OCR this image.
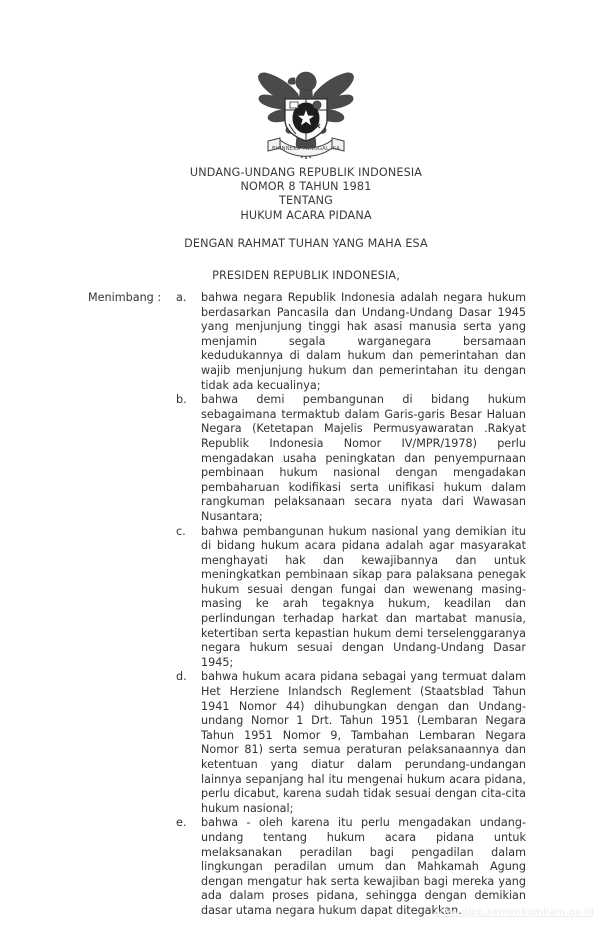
BHINNEKA TUNGGAL IKA
UNDANG-UNDANG REPUBLIK INDONESIA
NOMOR 8 TAHUN 1981
TENTANG
HUKUM ACARA PIDANA
DENGAN RAHMAT TUHAN YANG MAHA ESA
PRESIDEN REPUBLIK INDONESIA,
Menimbang :	a.	bahwa negara Republik Indonesia adalah negara hukum berdasarkan Pancasila dan Undang-Undang Dasar 1945 yang menjunjung tinggi hak asasi manusia serta yang menjamin segala warganegara bersamaan kedudukannya di dalam hukum dan pemerintahan dan wajib menjunjung hukum dan pemerintahan itu dengan tidak ada kecualinya;
b.	bahwa demi pembangunan di bidang hukum sebagaimana termaktub dalam Garis-garis Besar Haluan Negara (Ketetapan Majelis Permusyawaratan .Rakyat Republik Indonesia Nomor IV/MPR/1978) perlu mengadakan usaha peningkatan dan penyempurnaan pembinaan hukum nasional dengan mengadakan pembaharuan kodifikasi serta unifikasi hukum dalam rangkuman pelaksanaan secara nyata dari Wawasan Nusantara;
c.	bahwa pembangunan hukum nasional yang demikian itu di bidang hukum acara pidana adalah agar masyarakat menghayati hak dan kewajibannya dan untuk meningkatkan pembinaan sikap para palaksana penegak hukum sesuai dengan fungai dan wewenang masing-masing ke arah tegaknya hukum, keadilan dan perlindungan terhadap harkat dan martabat manusia, ketertiban serta kepastian hukum demi terselenggaranya negara hukum sesuai dengan Undang-Undang Dasar 1945;
d.	bahwa hukum acara pidana sebagai yang termuat dalam Het Herziene Inlandsch Reglement (Staatsblad Tahun 1941 Nomor 44) dihubungkan dengan dan Undang-undang Nomor 1 Drt. Tahun 1951 (Lembaran Negara Tahun 1951 Nomor 9, Tambahan Lembaran Negara Nomor 81) serta semua peraturan pelaksanaannya dan ketentuan yang diatur dalam perundang-undangan lainnya sepanjang hal itu mengenai hukum acara pidana, perlu dicabut, karena sudah tidak sesuai dengan cita-cita hukum nasional;
e.	bahwa - oleh karena itu perlu mengadakan undang-undang tentang hukum acara pidana untuk melaksanakan peradilan bagi pengadilan dalam lingkungan peradilan umum dan Mahkamah Agung dengan mengatur hak serta kewajiban bagi mereka yang ada dalam proses pidana, sehingga dengan demikian dasar utama negara hukum dapat ditegakkan.
www.djpp.kemenkumham.go.id
